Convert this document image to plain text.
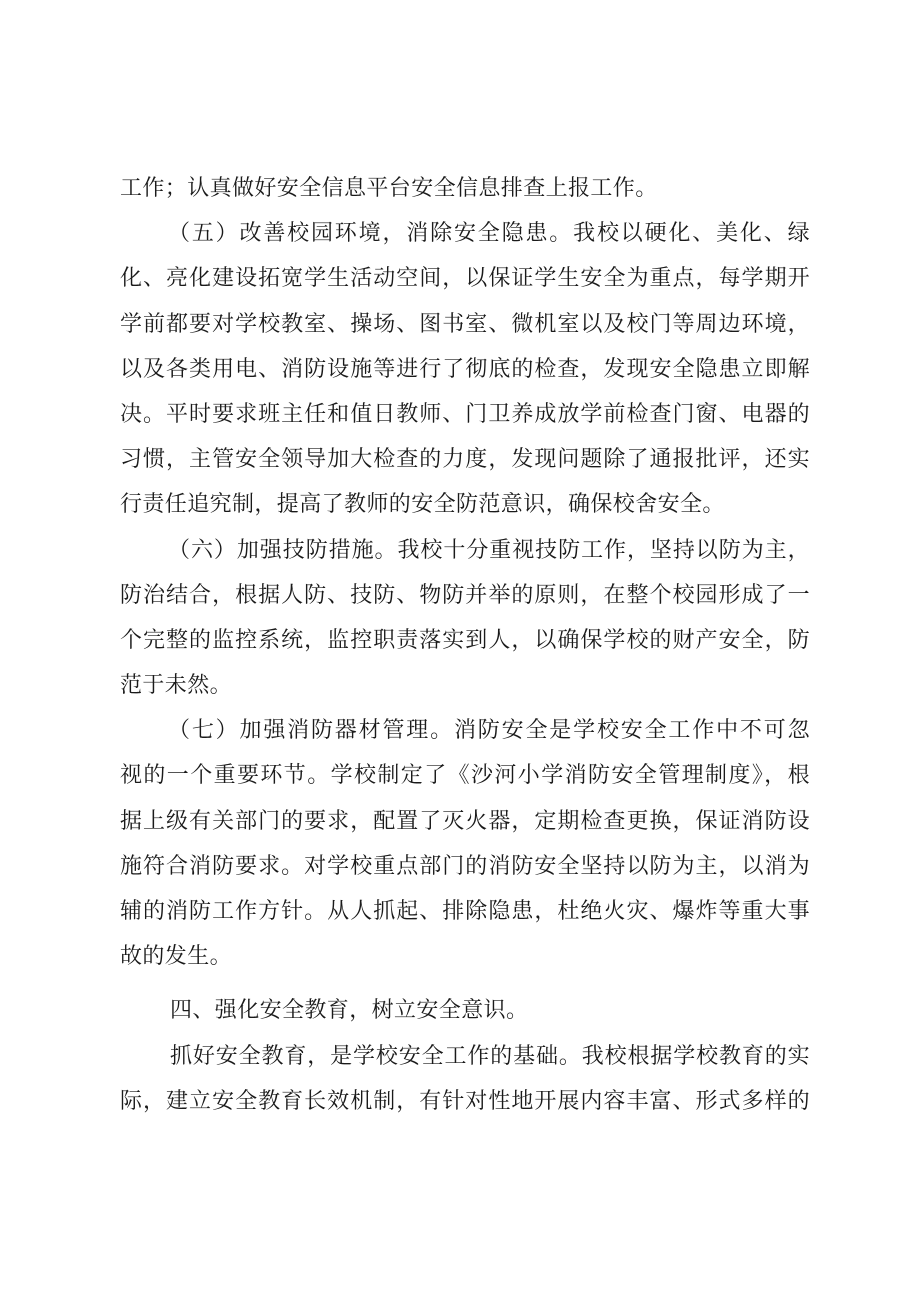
工作；认真做好安全信息平台安全信息排查上报工作。
（五）改善校园环境，消除安全隐患。我校以硬化、美化、绿
化、亮化建设拓宽学生活动空间，以保证学生安全为重点，每学期开
学前都要对学校教室、操场、图书室、微机室以及校门等周边环境，
以及各类用电、消防设施等进行了彻底的检查，发现安全隐患立即解
决。平时要求班主任和值日教师、门卫养成放学前检查门窗、电器的
习惯，主管安全领导加大检查的力度，发现问题除了通报批评，还实
行责任追究制，提高了教师的安全防范意识，确保校舍安全。
（六）加强技防措施。我校十分重视技防工作，坚持以防为主，
防治结合，根据人防、技防、物防并举的原则，在整个校园形成了一
个完整的监控系统，监控职责落实到人，以确保学校的财产安全，防
范于未然。
（七）加强消防器材管理。消防安全是学校安全工作中不可忽
视的一个重要环节。学校制定了《沙河小学消防安全管理制度》，根
据上级有关部门的要求，配置了灭火器，定期检查更换，保证消防设
施符合消防要求。对学校重点部门的消防安全坚持以防为主，以消为
辅的消防工作方针。从人抓起、排除隐患，杜绝火灾、爆炸等重大事
故的发生。
四、强化安全教育，树立安全意识。
抓好安全教育，是学校安全工作的基础。我校根据学校教育的实
际，建立安全教育长效机制，有针对性地开展内容丰富、形式多样的
